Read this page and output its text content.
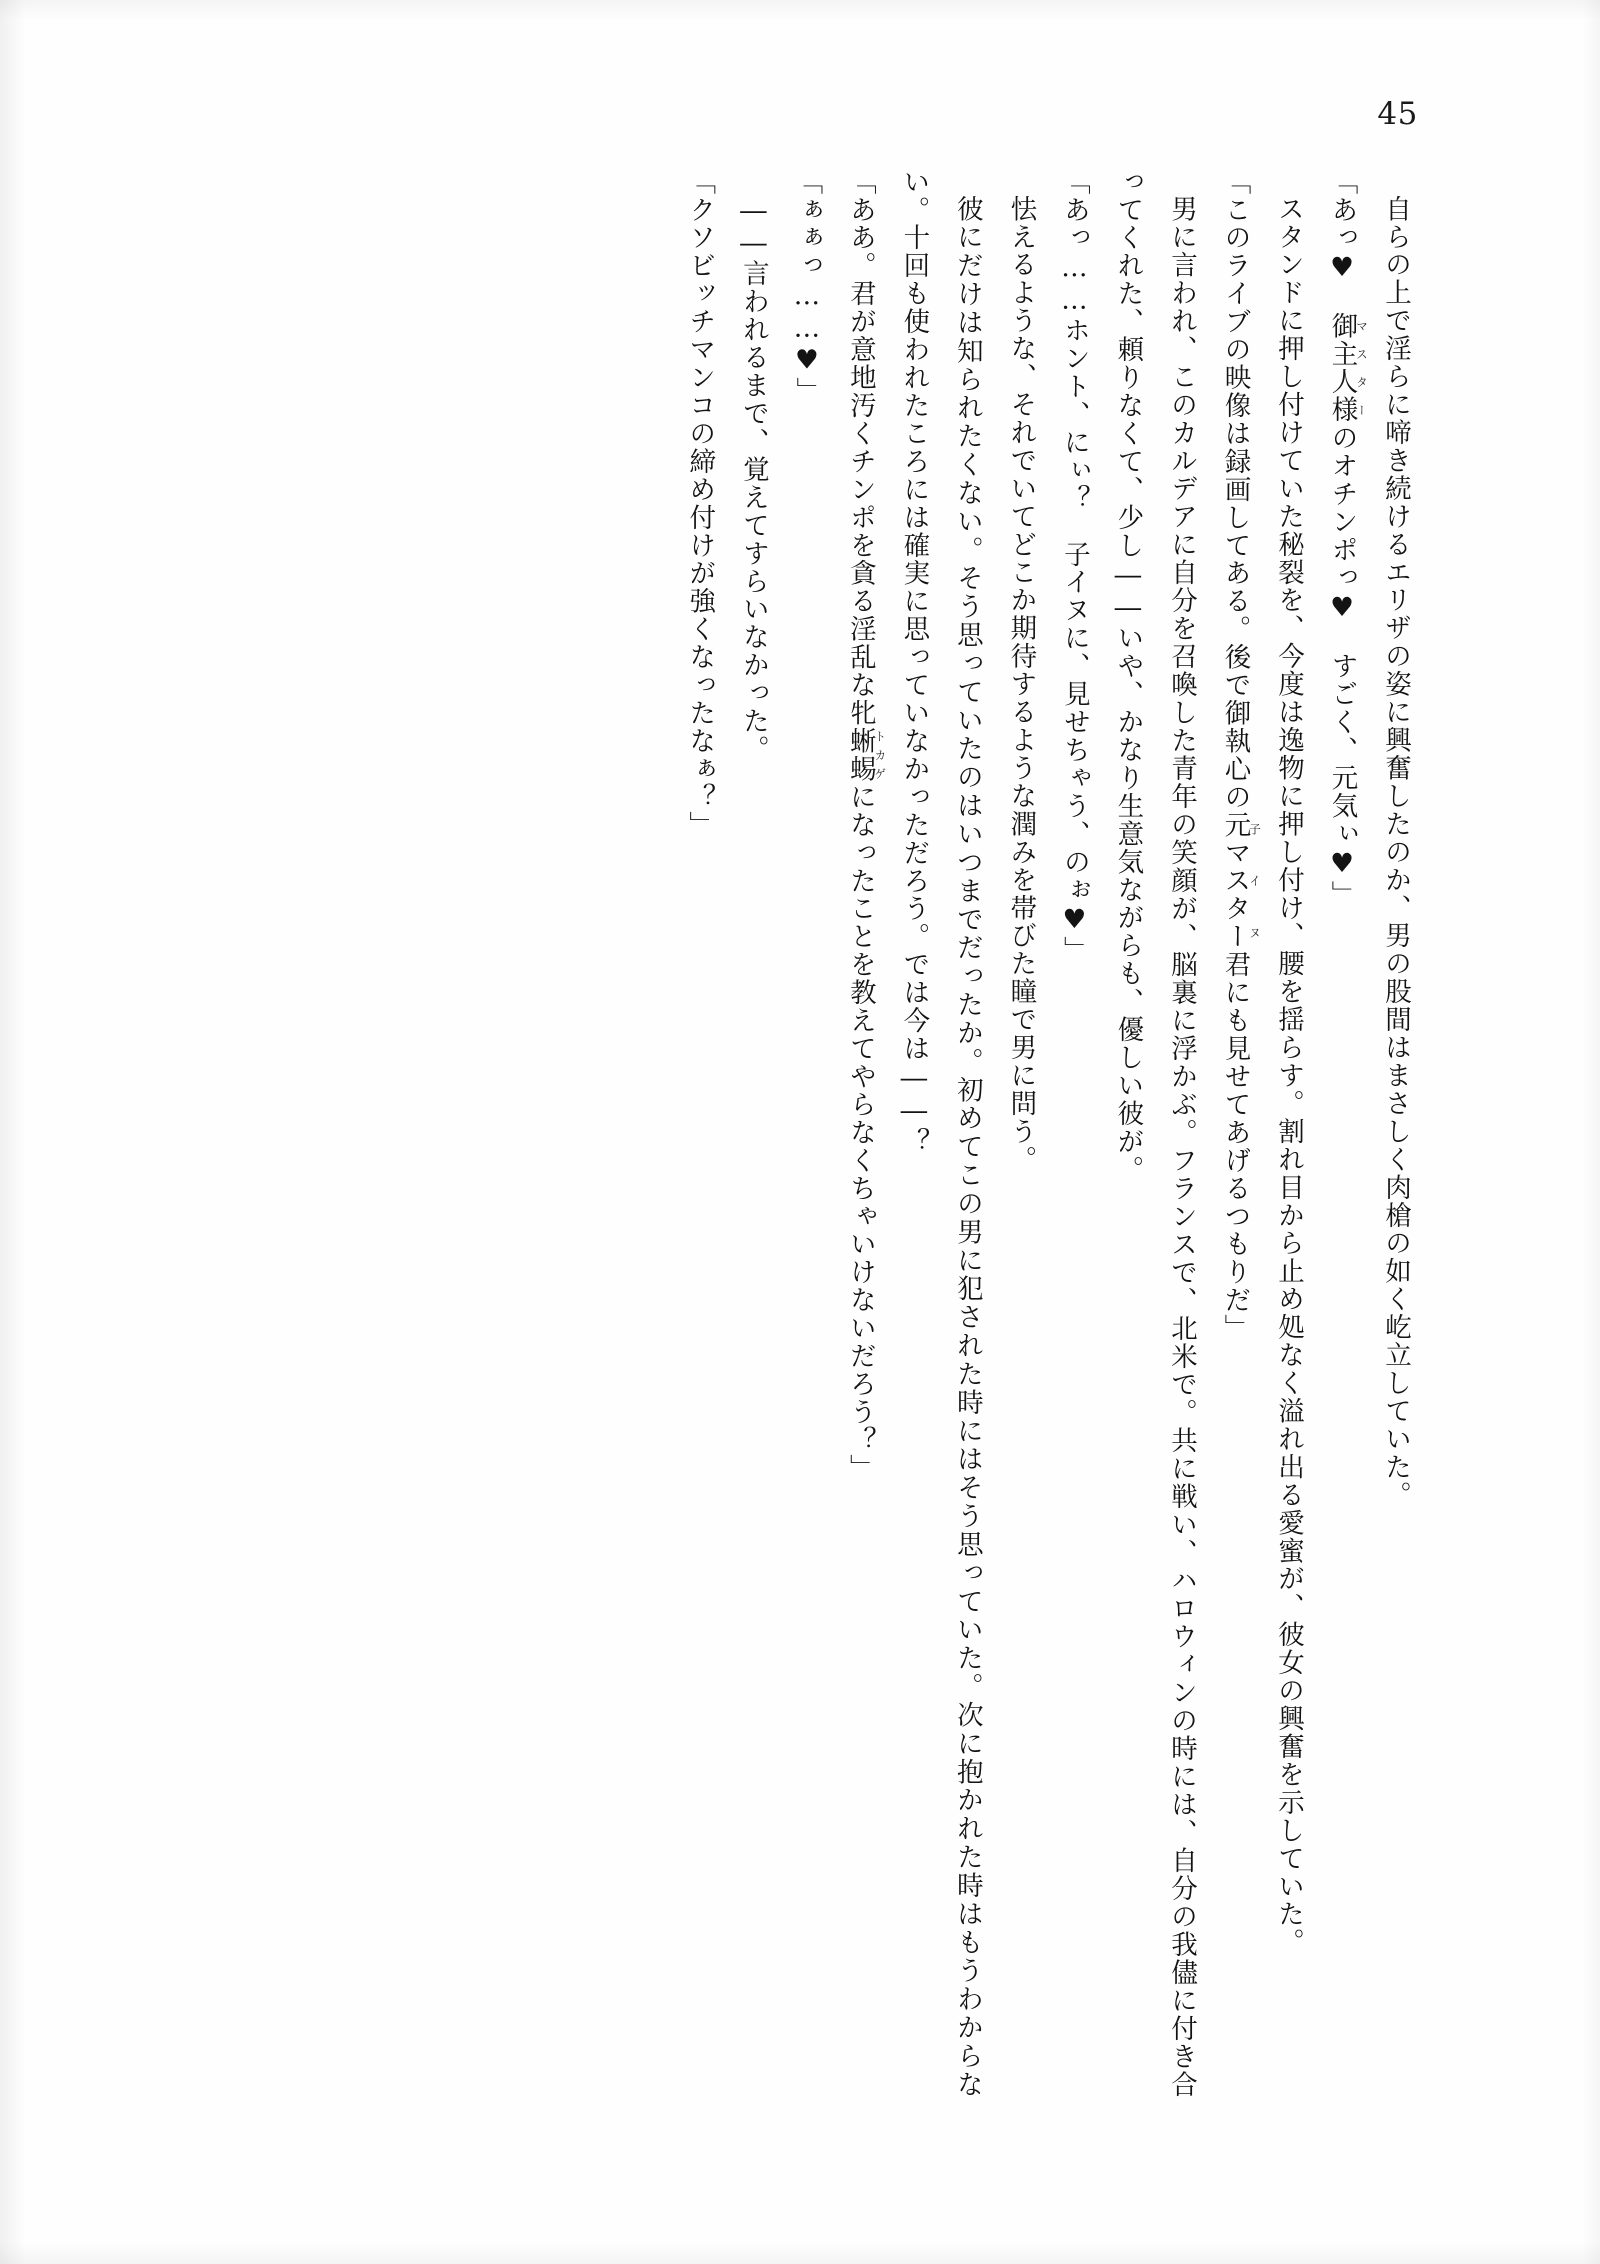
45

自らの上で淫らに啼き続けるエリザの姿に興奮したのか、男の股間はまさしく肉槍の如く屹立していた。

「あっ♥　御主人様マスターのオチンポっ♥　すごく、元気ぃ♥」

スタンドに押し付けていた秘裂を、今度は逸物に押し付け、腰を揺らす。割れ目から止め処なく溢れ出る愛蜜が、彼女の興奮を示していた。

「このライブの映像は録画してある。後で御執心の元マスター子イヌ君にも見せてあげるつもりだ」

男に言われ、このカルデアに自分を召喚した青年の笑顔が、脳裏に浮かぶ。フランスで、北米で。共に戦い、ハロウィンの時には、自分の我儘に付き合ってくれた、頼りなくて、少し――いや、かなり生意気ながらも、優しい彼が。

「あっ……ホント、にぃ？　子イヌに、見せちゃう、のぉ♥」

怯えるような、それでいてどこか期待するような潤みを帯びた瞳で男に問う。

彼にだけは知られたくない。そう思っていたのはいつまでだったか。初めてこの男に犯された時にはそう思っていた。次に抱かれた時はもうわからない。十回も使われたころには確実に思っていなかっただろう。では今は――？

「ああ。君が意地汚くチンポを貪る淫乱な牝蜥蜴トカゲになったことを教えてやらなくちゃいけないだろう？」

「ぁぁっ……♥」

――言われるまで、覚えてすらいなかった。

「クソビッチマンコの締め付けが強くなったなぁ？」
